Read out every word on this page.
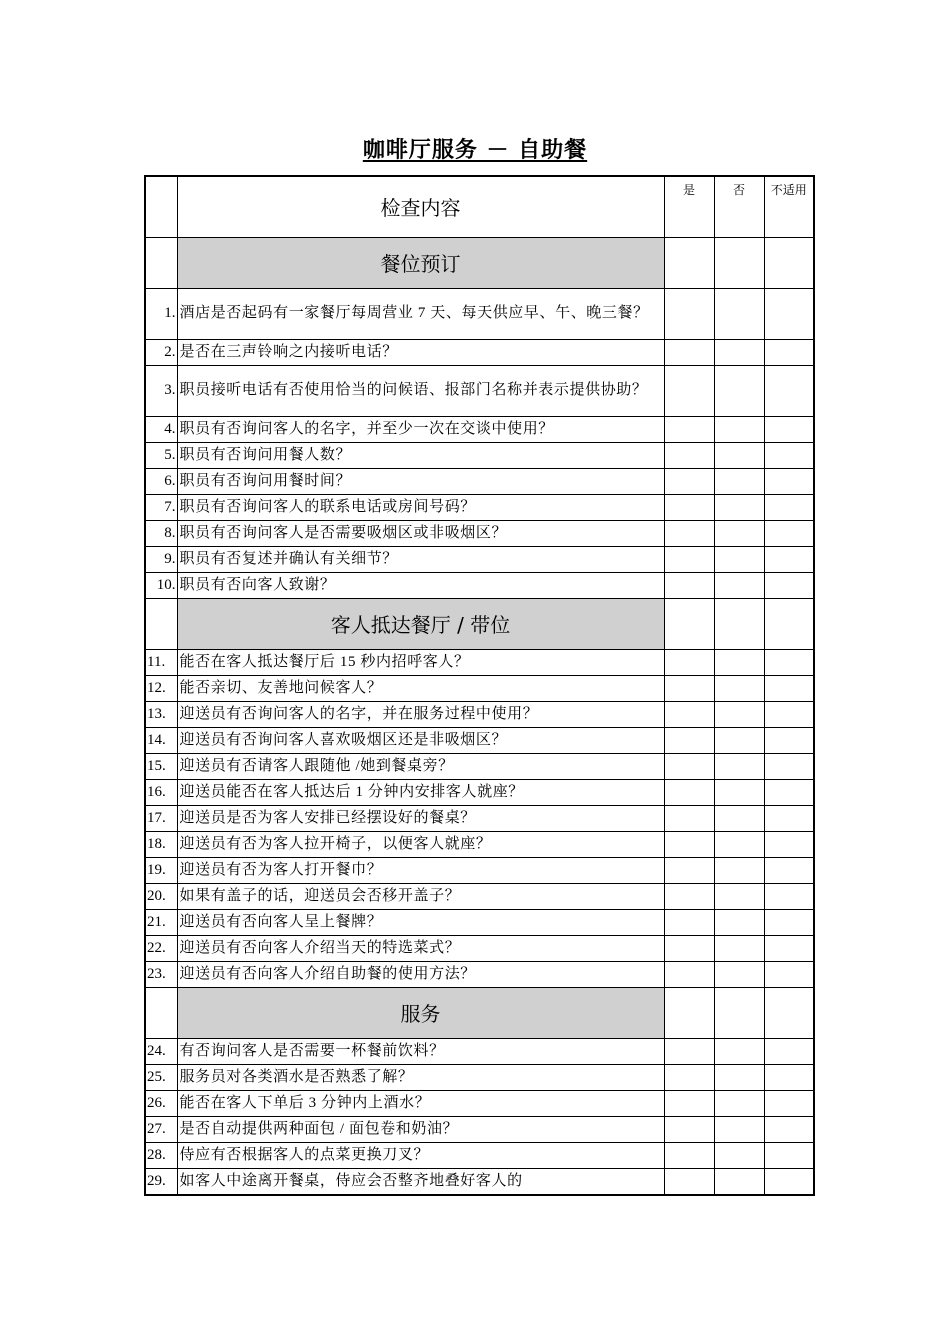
咖啡厅服务 － 自助餐
	检查内容	是	否	不适用
	餐位预订			
1.	酒店是否起码有一家餐厅每周营业 7 天、每天供应早、午、晚三餐？			
2.	是否在三声铃响之内接听电话？			
3.	职员接听电话有否使用恰当的问候语、报部门名称并表示提供协助？			
4.	职员有否询问客人的名字，并至少一次在交谈中使用？			
5.	职员有否询问用餐人数？			
6.	职员有否询问用餐时间？			
7.	职员有否询问客人的联系电话或房间号码？			
8.	职员有否询问客人是否需要吸烟区或非吸烟区？			
9.	职员有否复述并确认有关细节？			
10.	职员有否向客人致谢？			
	客人抵达餐厅 / 带位			
11.	能否在客人抵达餐厅后 15 秒内招呼客人？			
12.	能否亲切、友善地问候客人？			
13.	迎送员有否询问客人的名字，并在服务过程中使用？			
14.	迎送员有否询问客人喜欢吸烟区还是非吸烟区？			
15.	迎送员有否请客人跟随他 /她到餐桌旁？			
16.	迎送员能否在客人抵达后 1 分钟内安排客人就座？			
17.	迎送员是否为客人安排已经摆设好的餐桌？			
18.	迎送员有否为客人拉开椅子，以便客人就座？			
19.	迎送员有否为客人打开餐巾？			
20.	如果有盖子的话，迎送员会否移开盖子？			
21.	迎送员有否向客人呈上餐牌？			
22.	迎送员有否向客人介绍当天的特选菜式？			
23.	迎送员有否向客人介绍自助餐的使用方法？			
	服务			
24.	有否询问客人是否需要一杯餐前饮料？			
25.	服务员对各类酒水是否熟悉了解？			
26.	能否在客人下单后 3 分钟内上酒水？			
27.	是否自动提供两种面包 / 面包卷和奶油？			
28.	侍应有否根据客人的点菜更换刀叉？			
29.	如客人中途离开餐桌，侍应会否整齐地叠好客人的			
